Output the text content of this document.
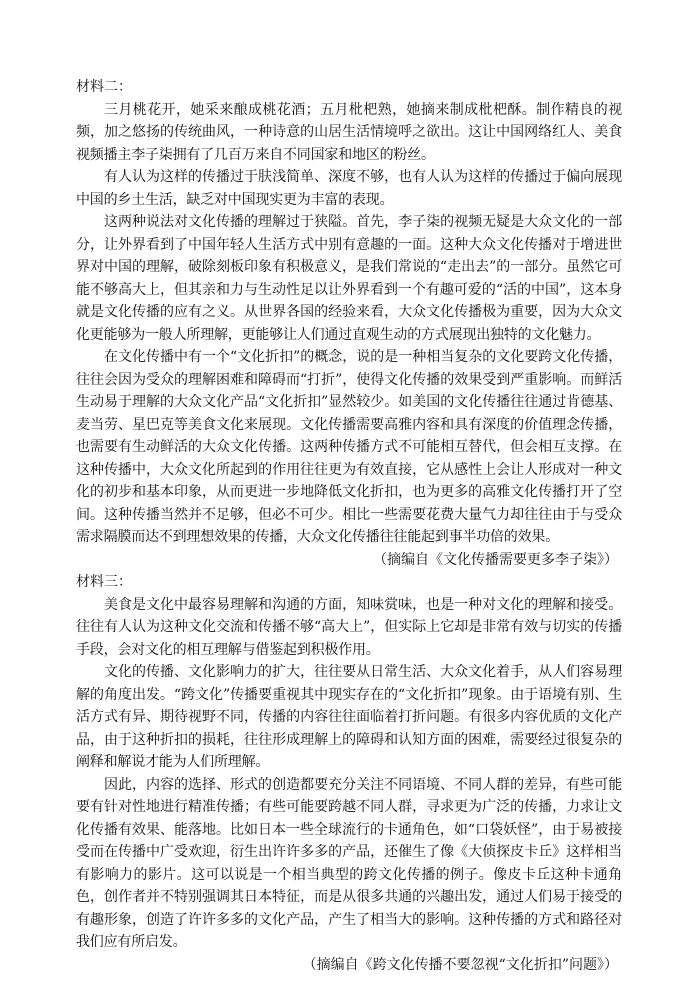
材料二：

三月桃花开，她采来酿成桃花酒；五月枇杷熟，她摘来制成枇杷酥。制作精良的视频，加之悠扬的传统曲风，一种诗意的山居生活情境呼之欲出。这让中国网络红人、美食视频播主李子柒拥有了几百万来自不同国家和地区的粉丝。

有人认为这样的传播过于肤浅简单、深度不够，也有人认为这样的传播过于偏向展现中国的乡土生活，缺乏对中国现实更为丰富的表现。

这两种说法对文化传播的理解过于狭隘。首先，李子柒的视频无疑是大众文化的一部分，让外界看到了中国年轻人生活方式中别有意趣的一面。这种大众文化传播对于增进世界对中国的理解，破除刻板印象有积极意义，是我们常说的“走出去”的一部分。虽然它可能不够高大上，但其亲和力与生动性足以让外界看到一个有趣可爱的“活的中国”，这本身就是文化传播的应有之义。从世界各国的经验来看，大众文化传播极为重要，因为大众文化更能够为一般人所理解，更能够让人们通过直观生动的方式展现出独特的文化魅力。

在文化传播中有一个“文化折扣”的概念，说的是一种相当复杂的文化要跨文化传播，往往会因为受众的理解困难和障碍而“打折”，使得文化传播的效果受到严重影响。而鲜活生动易于理解的大众文化产品“文化折扣”显然较少。如美国的文化传播往往通过肯德基、麦当劳、星巴克等美食文化来展现。文化传播需要高雅内容和具有深度的价值理念传播，也需要有生动鲜活的大众文化传播。这两种传播方式不可能相互替代，但会相互支撑。在这种传播中，大众文化所起到的作用往往更为有效直接，它从感性上会让人形成对一种文化的初步和基本印象，从而更进一步地降低文化折扣，也为更多的高雅文化传播打开了空间。这种传播当然并不足够，但必不可少。相比一些需要花费大量气力却往往由于与受众需求隔膜而达不到理想效果的传播，大众文化传播往往能起到事半功倍的效果。

（摘编自《文化传播需要更多李子柒》）

材料三：

美食是文化中最容易理解和沟通的方面，知味赏味，也是一种对文化的理解和接受。往往有人认为这种文化交流和传播不够“高大上”，但实际上它却是非常有效与切实的传播手段，会对文化的相互理解与借鉴起到积极作用。

文化的传播、文化影响力的扩大，往往要从日常生活、大众文化着手，从人们容易理解的角度出发。“跨文化”传播要重视其中现实存在的“文化折扣”现象。由于语境有别、生活方式有异、期待视野不同，传播的内容往往面临着打折问题。有很多内容优质的文化产品，由于这种折扣的损耗，往往形成理解上的障碍和认知方面的困难，需要经过很复杂的阐释和解说才能为人们所理解。

因此，内容的选择、形式的创造都要充分关注不同语境、不同人群的差异，有些可能要有针对性地进行精准传播；有些可能要跨越不同人群，寻求更为广泛的传播，力求让文化传播有效果、能落地。比如日本一些全球流行的卡通角色，如“口袋妖怪”，由于易被接受而在传播中广受欢迎，衍生出许许多多的产品，还催生了像《大侦探皮卡丘》这样相当有影响力的影片。这可以说是一个相当典型的跨文化传播的例子。像皮卡丘这种卡通角色，创作者并不特别强调其日本特征，而是从很多共通的兴趣出发，通过人们易于接受的有趣形象，创造了许许多多的文化产品，产生了相当大的影响。这种传播的方式和路径对我们应有所启发。

（摘编自《跨文化传播不要忽视“文化折扣”问题》）
